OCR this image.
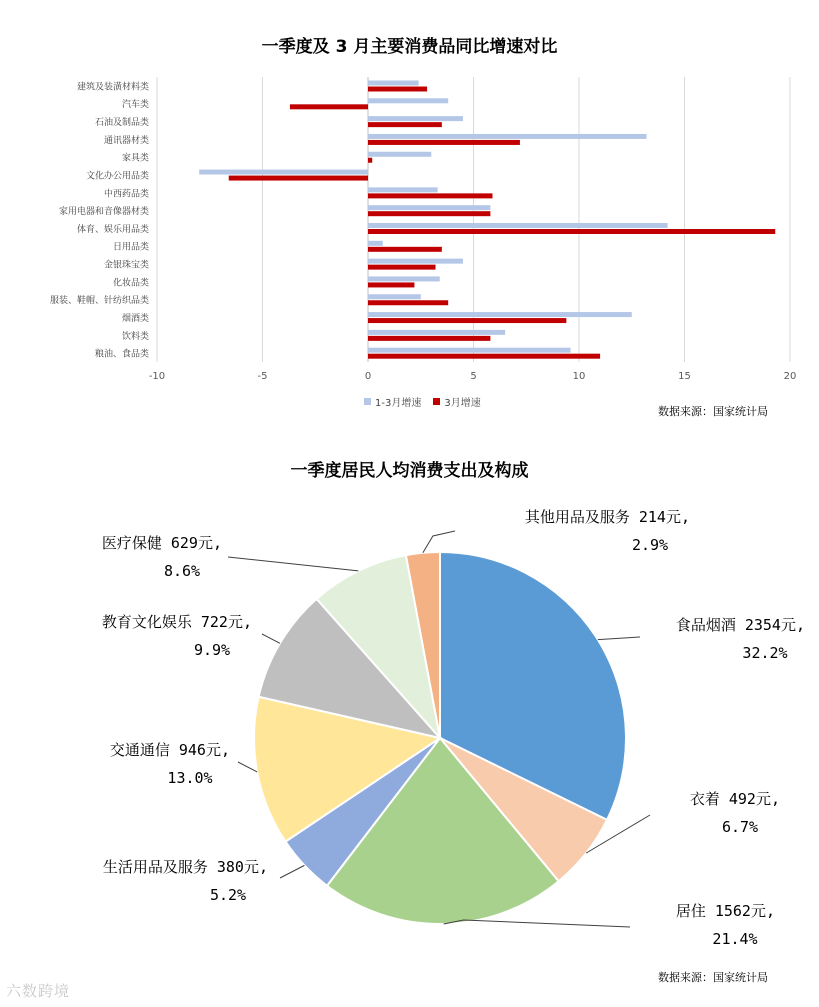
一季度及 3 月主要消费品同比增速对比
-10	-5	0	5	10	15	20
建筑及装潢材料类
汽车类
石油及制品类
通讯器材类
家具类
文化办公用品类
中西药品类
家用电器和音像器材类
体育、娱乐用品类
日用品类
金银珠宝类
化妆品类
服装、鞋帽、针纺织品类
烟酒类
饮料类
粮油、食品类
1-3月增速 3月增速
数据来源：国家统计局
一季度居民人均消费支出及构成
食品烟酒 2354元,
32.2%
衣着 492元,
6.7%
居住 1562元,
21.4%
生活用品及服务 380元,
5.2%
交通通信 946元,
13.0%
教育文化娱乐 722元,
9.9%
医疗保健 629元,
8.6%
其他用品及服务 214元,
2.9%
数据来源：国家统计局
六数跨境
